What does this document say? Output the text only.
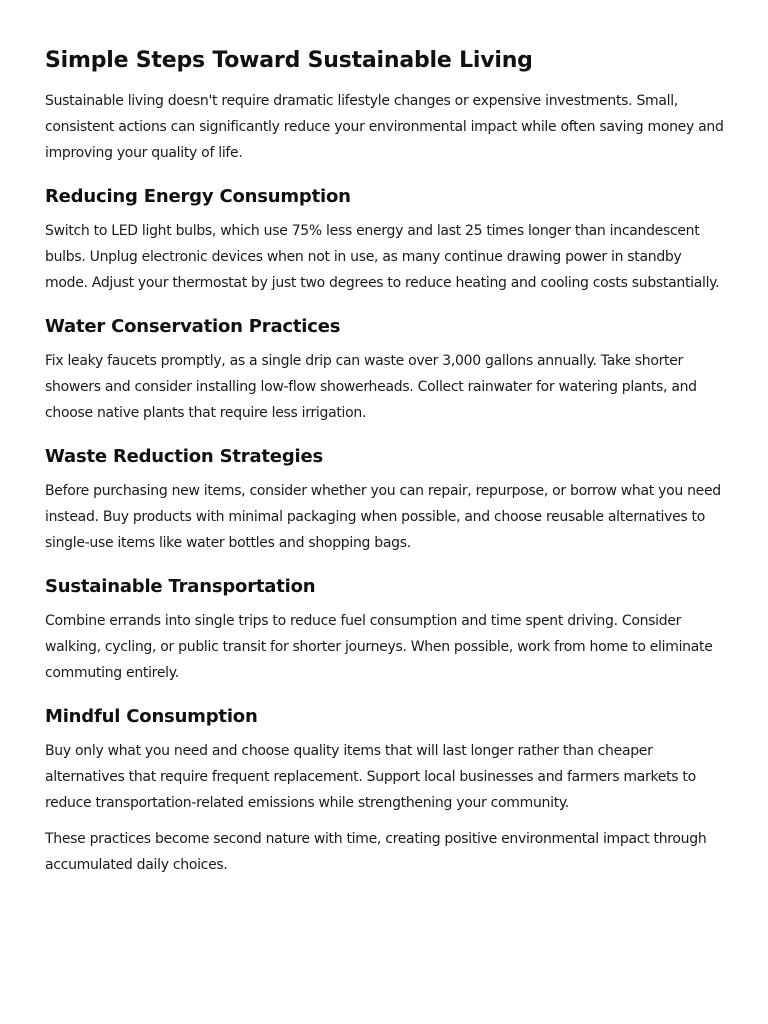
Simple Steps Toward Sustainable Living

Sustainable living doesn't require dramatic lifestyle changes or expensive investments. Small, consistent actions can significantly reduce your environmental impact while often saving money and improving your quality of life.

Reducing Energy Consumption

Switch to LED light bulbs, which use 75% less energy and last 25 times longer than incandescent bulbs. Unplug electronic devices when not in use, as many continue drawing power in standby mode. Adjust your thermostat by just two degrees to reduce heating and cooling costs substantially.

Water Conservation Practices

Fix leaky faucets promptly, as a single drip can waste over 3,000 gallons annually. Take shorter showers and consider installing low-flow showerheads. Collect rainwater for watering plants, and choose native plants that require less irrigation.

Waste Reduction Strategies

Before purchasing new items, consider whether you can repair, repurpose, or borrow what you need instead. Buy products with minimal packaging when possible, and choose reusable alternatives to single-use items like water bottles and shopping bags.

Sustainable Transportation

Combine errands into single trips to reduce fuel consumption and time spent driving. Consider walking, cycling, or public transit for shorter journeys. When possible, work from home to eliminate commuting entirely.

Mindful Consumption

Buy only what you need and choose quality items that will last longer rather than cheaper alternatives that require frequent replacement. Support local businesses and farmers markets to reduce transportation-related emissions while strengthening your community.

These practices become second nature with time, creating positive environmental impact through accumulated daily choices.
